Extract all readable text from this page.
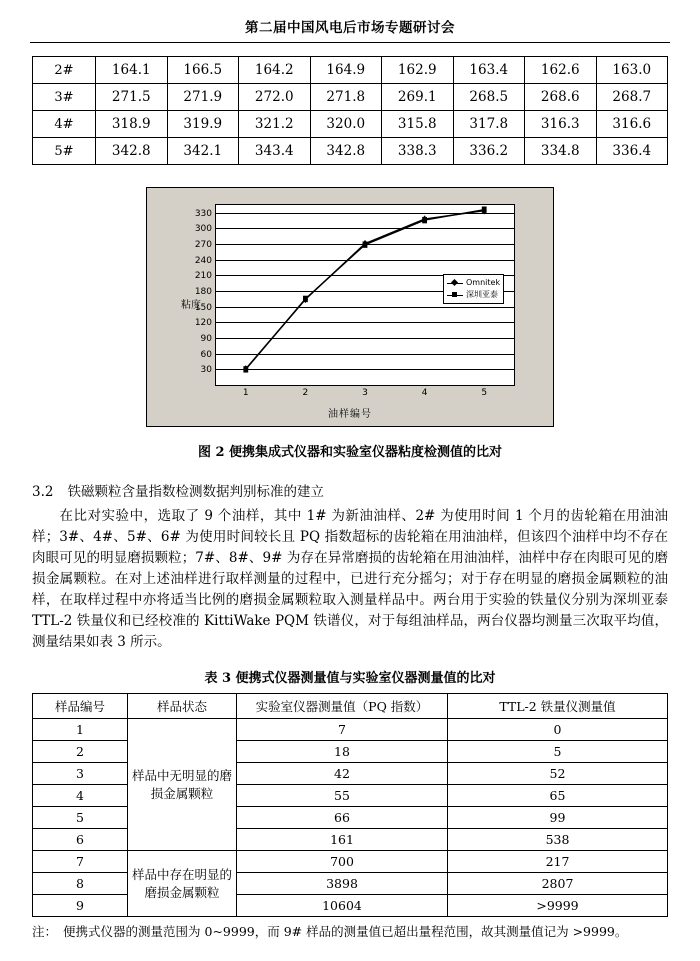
第二届中国风电后市场专题研讨会
2#	164.1	166.5	164.2	164.9	162.9	163.4	162.6	163.0
3#	271.5	271.9	272.0	271.8	269.1	268.5	268.6	268.7
4#	318.9	319.9	321.2	320.0	315.8	317.8	316.3	316.6
5#	342.8	342.1	343.4	342.8	338.3	336.2	334.8	336.4
粘度
30
60
90
120
150
180
210
240
270
300
330
1	2	3	4	5
Omnitek
深圳亚泰
油样编号
图 2 便携集成式仪器和实验室仪器粘度检测值的比对
3.2 铁磁颗粒含量指数检测数据判别标准的建立
在比对实验中，选取了 9 个油样，其中 1# 为新油油样、2# 为使用时间 1 个月的齿轮箱在用油油样；3#、4#、5#、6# 为使用时间较长且 PQ 指数超标的齿轮箱在用油油样，但该四个油样中均不存在肉眼可见的明显磨损颗粒；7#、8#、9# 为存在异常磨损的齿轮箱在用油油样，油样中存在肉眼可见的磨损金属颗粒。在对上述油样进行取样测量的过程中，已进行充分摇匀；对于存在明显的磨损金属颗粒的油样，在取样过程中亦将适当比例的磨损金属颗粒取入测量样品中。两台用于实验的铁量仪分别为深圳亚泰 TTL-2 铁量仪和已经校准的 KittiWake PQM 铁谱仪，对于每组油样品，两台仪器均测量三次取平均值，测量结果如表 3 所示。
表 3 便携式仪器测量值与实验室仪器测量值的比对
样品编号	样品状态	实验室仪器测量值（PQ 指数）	TTL-2 铁量仪测量值
1	样品中无明显的磨损金属颗粒	7	0
2		18	5
3		42	52
4		55	65
5		66	99
6		161	538
7	样品中存在明显的磨损金属颗粒	700	217
8		3898	2807
9		10604	>9999
注： 便携式仪器的测量范围为 0~9999，而 9# 样品的测量值已超出量程范围，故其测量值记为 >9999。
